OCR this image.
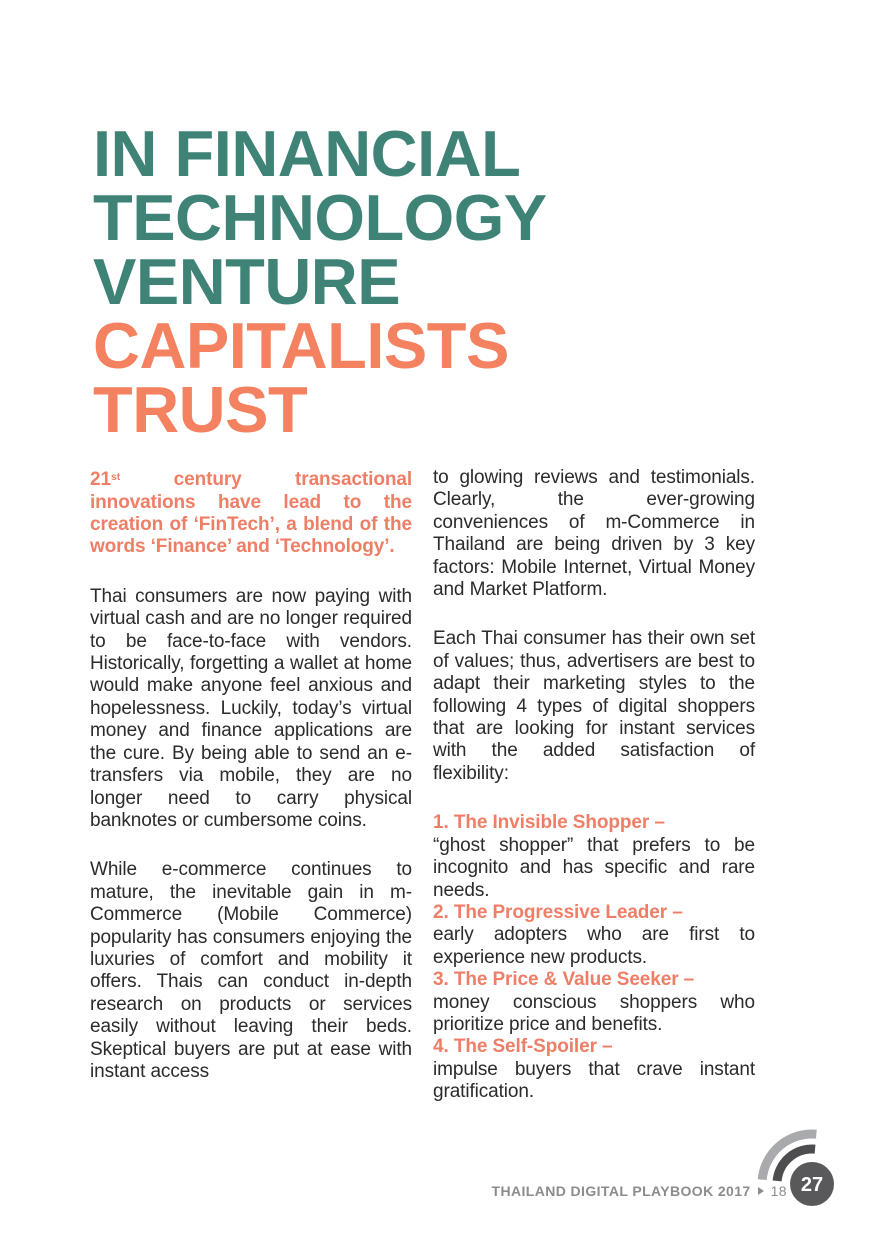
IN FINANCIAL
TECHNOLOGY
VENTURE
CAPITALISTS
TRUST

21st century transactional innovations have lead to the creation of ‘FinTech’, a blend of the words ‘Finance’ and ‘Technology’.

Thai consumers are now paying with virtual cash and are no longer required to be face-to-face with vendors. Historically, forgetting a wallet at home would make anyone feel anxious and hopelessness. Luckily, today’s virtual money and finance applications are the cure. By being able to send an e-transfers via mobile, they are no longer need to carry physical banknotes or cumbersome coins.

While e-commerce continues to mature, the inevitable gain in m-Commerce (Mobile Commerce) popularity has consumers enjoying the luxuries of comfort and mobility it offers. Thais can conduct in-depth research on products or services easily without leaving their beds. Skeptical buyers are put at ease with instant access

to glowing reviews and testimonials. Clearly, the ever-growing conveniences of m-Commerce in Thailand are being driven by 3 key factors: Mobile Internet, Virtual Money and Market Platform.

Each Thai consumer has their own set of values; thus, advertisers are best to adapt their marketing styles to the following 4 types of digital shoppers that are looking for instant services with the added satisfaction of flexibility:

1. The Invisible Shopper –
“ghost shopper” that prefers to be incognito and has specific and rare needs.
2. The Progressive Leader –
early adopters who are first to experience new products.
3. The Price & Value Seeker –
money conscious shoppers who prioritize price and benefits.
4. The Self-Spoiler –
impulse buyers that crave instant gratification.
THAILAND DIGITAL PLAYBOOK 2017 18 27
